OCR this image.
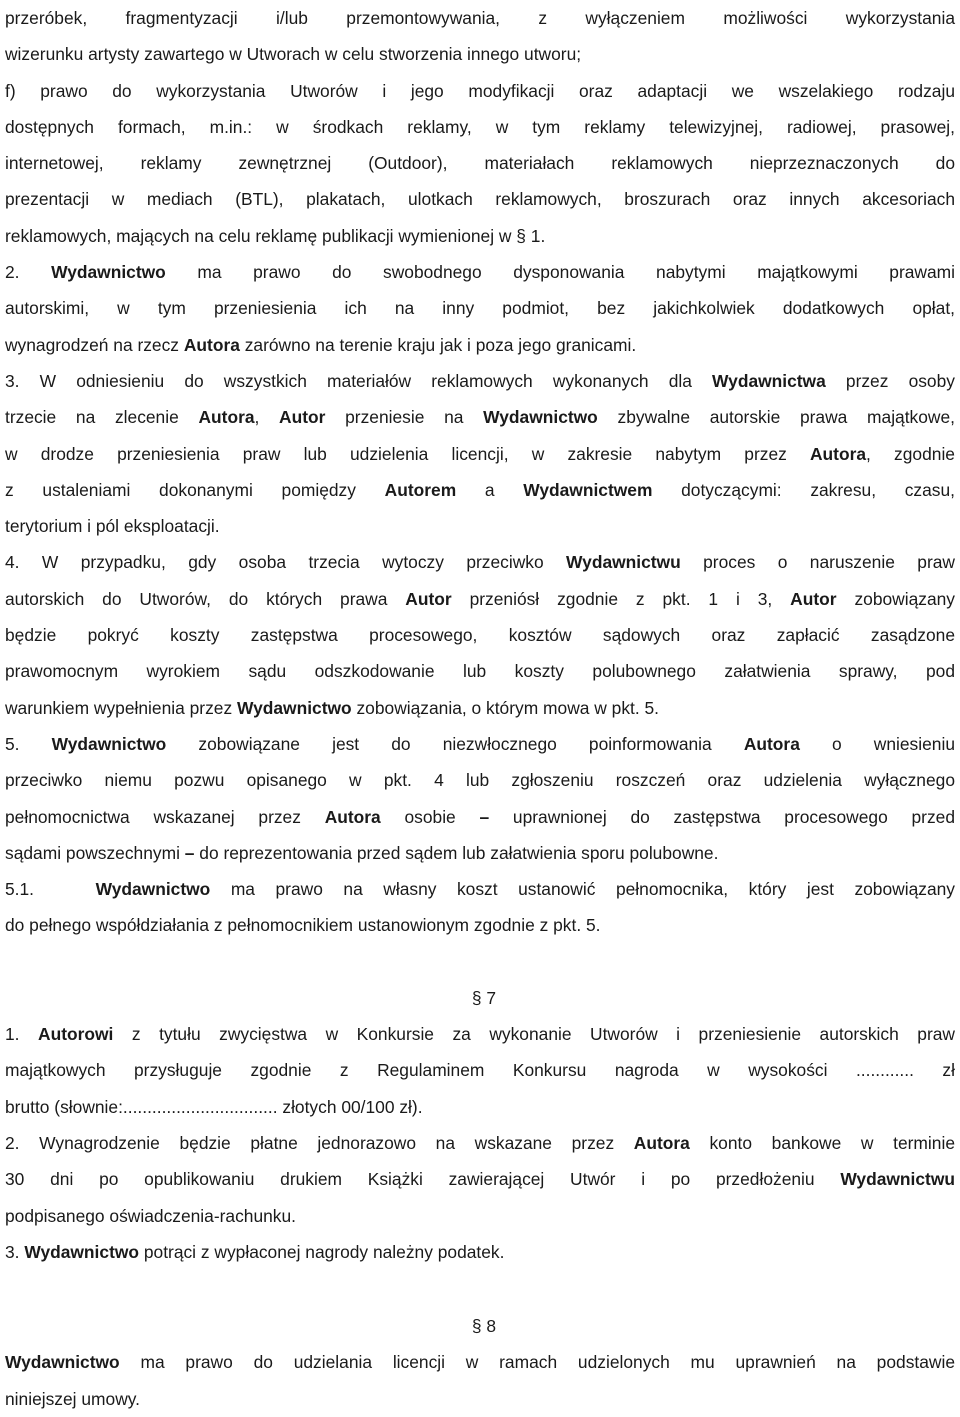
przeróbek, fragmentyzacji i/lub przemontowywania, z wyłączeniem możliwości wykorzystania
wizerunku artysty zawartego w Utworach w celu stworzenia innego utworu;
f) prawo do wykorzystania Utworów i jego modyfikacji oraz adaptacji we wszelakiego rodzaju
dostępnych formach, m.in.: w środkach reklamy, w tym reklamy telewizyjnej, radiowej, prasowej,
internetowej, reklamy zewnętrznej (Outdoor), materiałach reklamowych nieprzeznaczonych do
prezentacji w mediach (BTL), plakatach, ulotkach reklamowych, broszurach oraz innych akcesoriach
reklamowych, mających na celu reklamę publikacji wymienionej w § 1.
2. Wydawnictwo ma prawo do swobodnego dysponowania nabytymi majątkowymi prawami
autorskimi, w tym przeniesienia ich na inny podmiot, bez jakichkolwiek dodatkowych opłat,
wynagrodzeń na rzecz Autora zarówno na terenie kraju jak i poza jego granicami.
3. W odniesieniu do wszystkich materiałów reklamowych wykonanych dla Wydawnictwa przez osoby
trzecie na zlecenie Autora, Autor przeniesie na Wydawnictwo zbywalne autorskie prawa majątkowe,
w drodze przeniesienia praw lub udzielenia licencji, w zakresie nabytym przez Autora, zgodnie
z ustaleniami dokonanymi pomiędzy Autorem a Wydawnictwem dotyczącymi: zakresu, czasu,
terytorium i pól eksploatacji.
4. W przypadku, gdy osoba trzecia wytoczy przeciwko Wydawnictwu proces o naruszenie praw
autorskich do Utworów, do których prawa Autor przeniósł zgodnie z pkt. 1 i 3, Autor zobowiązany
będzie pokryć koszty zastępstwa procesowego, kosztów sądowych oraz zapłacić zasądzone
prawomocnym wyrokiem sądu odszkodowanie lub koszty polubownego załatwienia sprawy, pod
warunkiem wypełnienia przez Wydawnictwo zobowiązania, o którym mowa w pkt. 5.
5. Wydawnictwo zobowiązane jest do niezwłocznego poinformowania Autora o wniesieniu
przeciwko niemu pozwu opisanego w pkt. 4 lub zgłoszeniu roszczeń oraz udzielenia wyłącznego
pełnomocnictwa wskazanej przez Autora osobie – uprawnionej do zastępstwa procesowego przed
sądami powszechnymi – do reprezentowania przed sądem lub załatwienia sporu polubowne.
5.1.   Wydawnictwo ma prawo na własny koszt ustanowić pełnomocnika, który jest zobowiązany
do pełnego współdziałania z pełnomocnikiem ustanowionym zgodnie z pkt. 5.
§ 7
1. Autorowi z tytułu zwycięstwa w Konkursie za wykonanie Utworów i przeniesienie autorskich praw
majątkowych przysługuje zgodnie z Regulaminem Konkursu nagroda w wysokości ............ zł
brutto (słownie:................................ złotych 00/100 zł).
2. Wynagrodzenie będzie płatne jednorazowo na wskazane przez Autora konto bankowe w terminie
30 dni po opublikowaniu drukiem Książki zawierającej Utwór i po przedłożeniu Wydawnictwu
podpisanego oświadczenia-rachunku.
3. Wydawnictwo potrąci z wypłaconej nagrody należny podatek.
§ 8
Wydawnictwo ma prawo do udzielania licencji w ramach udzielonych mu uprawnień na podstawie
niniejszej umowy.
